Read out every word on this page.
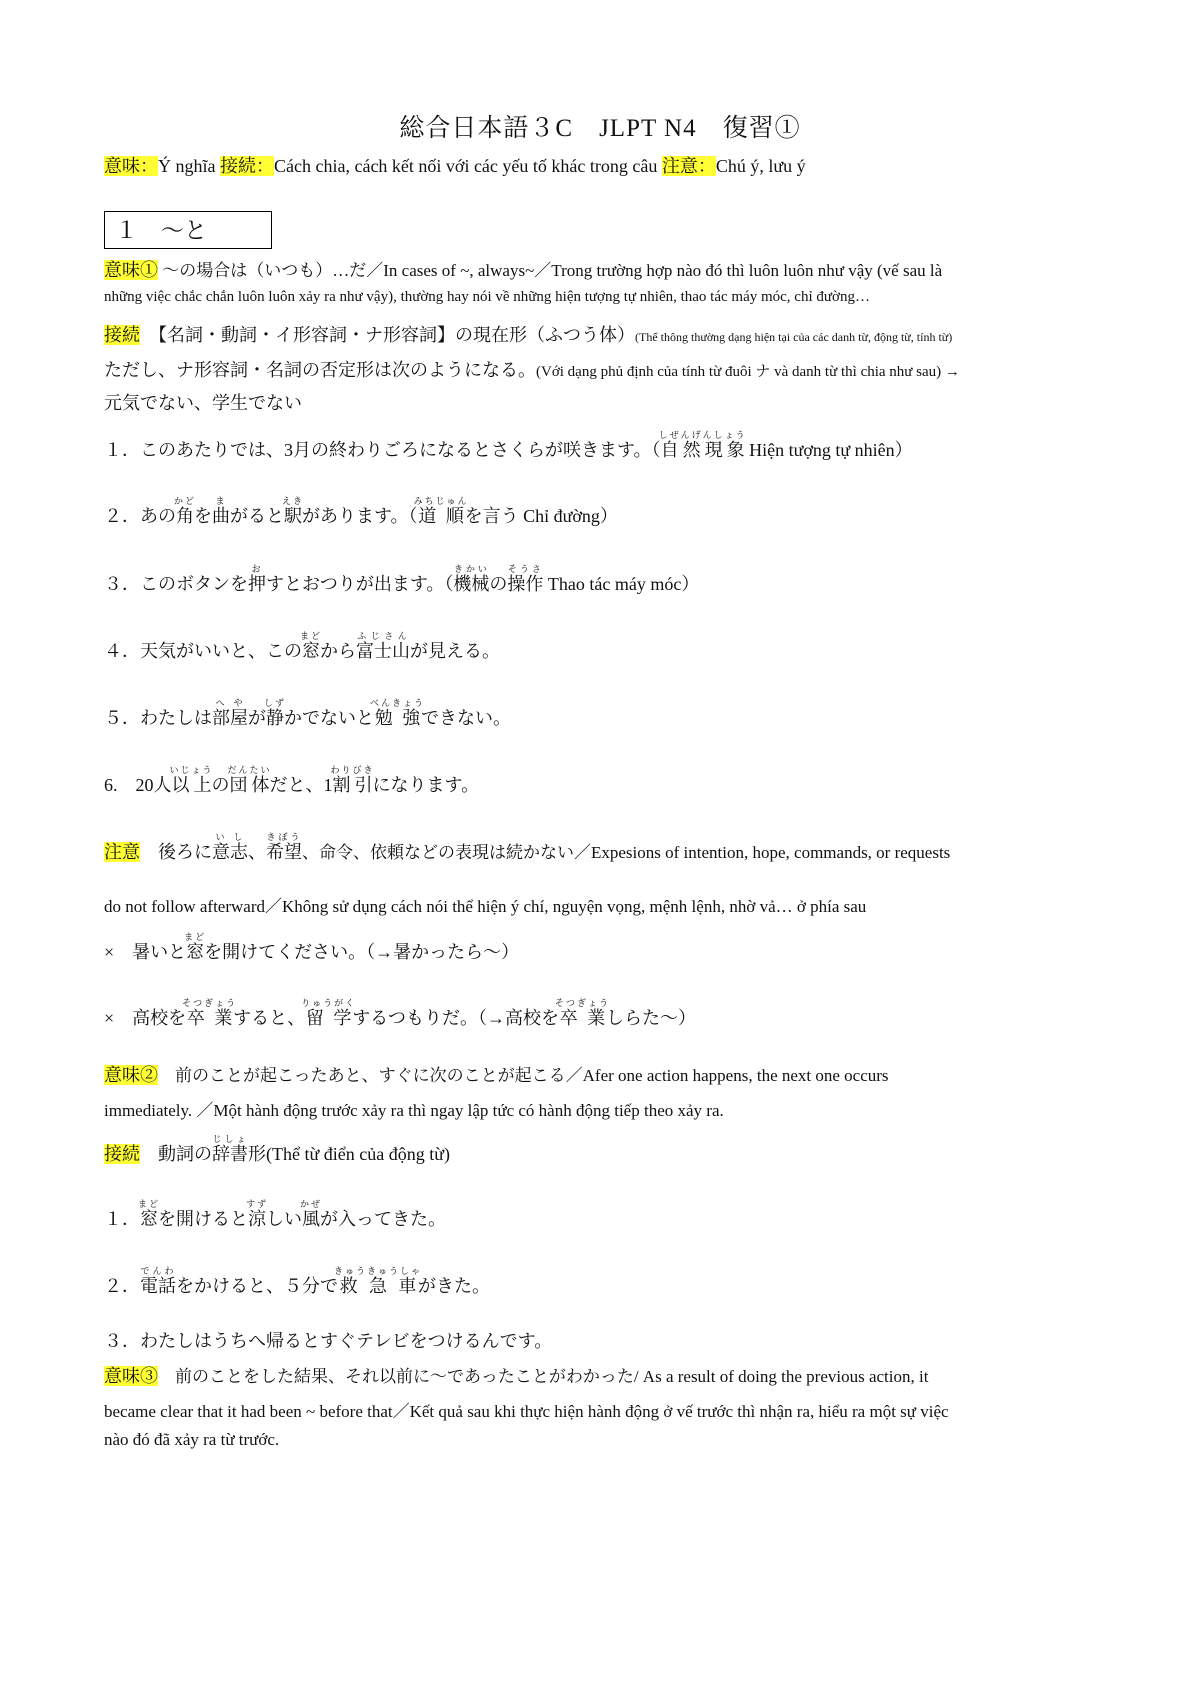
総合日本語３C　JLPT N4　復習①
意味：Ý nghĩa 接続：Cách chia, cách kết nối với các yếu tố khác trong câu 注意：Chú ý, lưu ý
１　～と
意味① ～の場合は（いつも）…だ／In cases of ~, always~／Trong trường hợp nào đó thì luôn luôn như vậy (vế sau là
những việc chắc chắn luôn luôn xảy ra như vậy), thường hay nói về những hiện tượng tự nhiên, thao tác máy móc, chỉ đường…
接続　【名詞・動詞・イ形容詞・ナ形容詞】の現在形（ふつう体）(Thể thông thường dạng hiện tại của các danh từ, động từ, tính từ)
ただし、ナ形容詞・名詞の否定形は次のようになる。(Với dạng phủ định của tính từ đuôi ナ và danh từ thì chia như sau) →
元気でない、学生でない
１．このあたりでは、3月の終わりごろになるとさくらが咲きます。（自然現象しぜんげんしょう Hiện tượng tự nhiên）
２．あの角かどを曲まがると駅えきがあります。（道順みちじゅんを言う Chỉ đường）
３．このボタンを押おすとおつりが出ます。（機械きかいの操作そうさ Thao tác máy móc）
４．天気がいいと、この窓まどから富士山ふじさんが見える。
５．わたしは部屋へやが静しずかでないと勉強べんきょうできない。
6.　20人以上いじょうの団体だんたいだと、1割引わりびきになります。
注意　後ろに意志いし、希望きぼう、命令、依頼などの表現は続かない／Expesions of intention, hope, commands, or requests
do not follow afterward／Không sử dụng cách nói thể hiện ý chí, nguyện vọng, mệnh lệnh, nhờ vả… ở phía sau
×　暑いと窓まどを開けてください。（→暑かったら～）
×　高校を卒業そつぎょうすると、留学りゅうがくするつもりだ。（→高校を卒業そつぎょうしらた～）
意味②　前のことが起こったあと、すぐに次のことが起こる／Afer one action happens, the next one occurs
immediately. ／Một hành động trước xảy ra thì ngay lập tức có hành động tiếp theo xảy ra.
接続　動詞の辞書じしょ形(Thể từ điển của động từ)
１．窓まどを開けると涼すずしい風かぜが入ってきた。
２．電話でんわをかけると、５分で救急車きゅうきゅうしゃがきた。
３．わたしはうちへ帰るとすぐテレビをつけるんです。
意味③　前のことをした結果、それ以前に～であったことがわかった/ As a result of doing the previous action, it
became clear that it had been ~ before that／Kết quả sau khi thực hiện hành động ở vế trước thì nhận ra, hiểu ra một sự việc
nào đó đã xảy ra từ trước.
